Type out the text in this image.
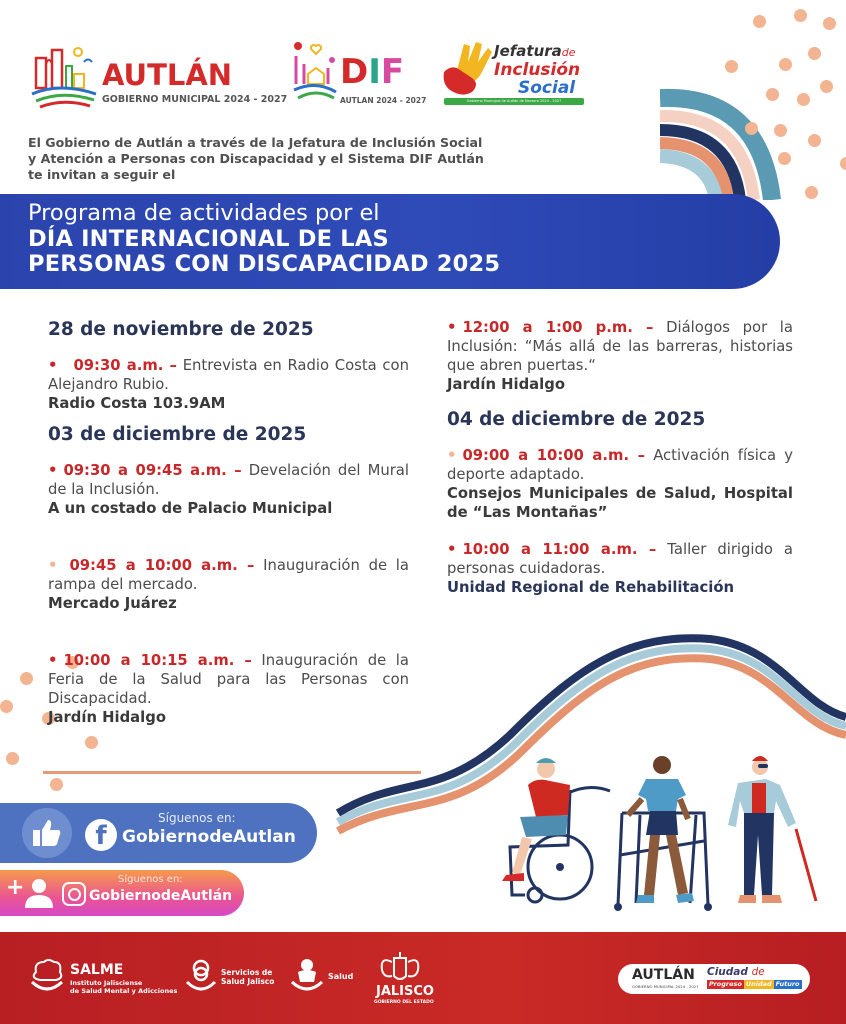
AUTLÁN
GOBIERNO MUNICIPAL 2024 - 2027
DIF
AUTLAN 2024 - 2027
Jefaturade
Inclusión
Social
Gobierno Municipal de Autlán de Navarro 2024 - 2027
El Gobierno de Autlán a través de la Jefatura de Inclusión Social
y Atención a Personas con Discapacidad y el Sistema DIF Autlán
te invitan a seguir el
Programa de actividades por el
DÍA INTERNACIONAL DE LAS
PERSONAS CON DISCAPACIDAD 2025
28 de noviembre de 2025
• 09:30 a.m. – Entrevista en Radio Costa con Alejandro Rubio.
Radio Costa 103.9AM
03 de diciembre de 2025
• 09:30 a 09:45 a.m. – Develación del Mural de la Inclusión.
A un costado de Palacio Municipal
• 09:45 a 10:00 a.m. – Inauguración de la rampa del mercado.
Mercado Juárez
• 10:00 a 10:15 a.m. – Inauguración de la Feria de la Salud para las Personas con Discapacidad.
Jardín Hidalgo
• 12:00 a 1:00 p.m. – Diálogos por la Inclusión: “Más allá de las barreras, historias que abren puertas.“
Jardín Hidalgo
04 de diciembre de 2025
• 09:00 a 10:00 a.m. – Activación física y deporte adaptado.
Consejos Municipales de Salud, Hospital de “Las Montañas”
• 10:00 a 11:00 a.m. – Taller dirigido a personas cuidadoras.
Unidad Regional de Rehabilitación
f
Síguenos en:
GobiernodeAutlan
+	Síguenos en:
GobiernodeAutlán
SALME
Instituto Jalisciense
de Salud Mental y Adicciones
Servicios de
Salud Jalisco
Salud
JALISCO
GOBIERNO DEL ESTADO
AUTLÁN
GOBIERNO MUNICIPAL 2024 - 2027
Ciudad de
Progreso Unidad Futuro
